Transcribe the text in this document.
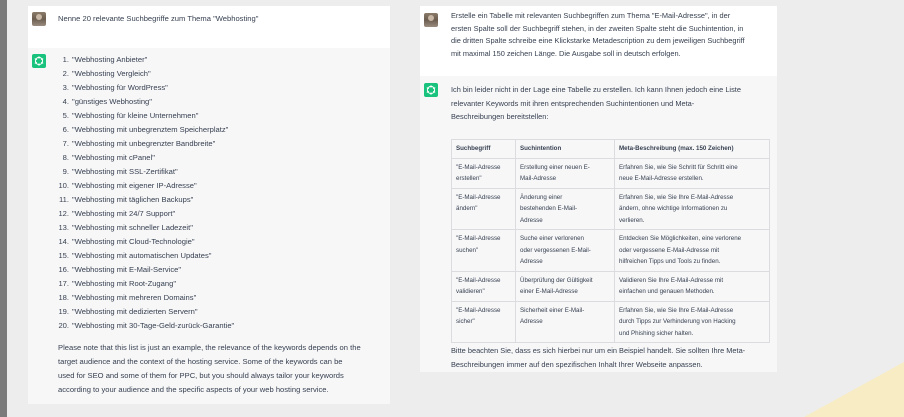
Nenne 20 relevante Suchbegriffe zum Thema "Webhosting"
1. "Webhosting Anbieter"
2. "Webhosting Vergleich"
3. "Webhosting für WordPress"
4. "günstiges Webhosting"
5. "Webhosting für kleine Unternehmen"
6. "Webhosting mit unbegrenztem Speicherplatz"
7. "Webhosting mit unbegrenzter Bandbreite"
8. "Webhosting mit cPanel"
9. "Webhosting mit SSL-Zertifikat"
10. "Webhosting mit eigener IP-Adresse"
11. "Webhosting mit täglichen Backups"
12. "Webhosting mit 24/7 Support"
13. "Webhosting mit schneller Ladezeit"
14. "Webhosting mit Cloud-Technologie"
15. "Webhosting mit automatischen Updates"
16. "Webhosting mit E-Mail-Service"
17. "Webhosting mit Root-Zugang"
18. "Webhosting mit mehreren Domains"
19. "Webhosting mit dedizierten Servern"
20. "Webhosting mit 30-Tage-Geld-zurück-Garantie"
Please note that this list is just an example, the relevance of the keywords depends on the
target audience and the context of the hosting service. Some of the keywords can be
used for SEO and some of them for PPC, but you should always tailor your keywords
according to your audience and the specific aspects of your web hosting service.
Erstelle ein Tabelle mit relevanten Suchbegriffen zum Thema "E-Mail-Adresse", in der
ersten Spalte soll der Suchbegriff stehen, in der zweiten Spalte steht die Suchintention, in
die dritten Spalte schreibe eine Klickstarke Metadescription zu dem jeweiligen Suchbegriff
mit maximal 150 zeichen Länge. Die Ausgabe soll in deutsch erfolgen.
Ich bin leider nicht in der Lage eine Tabelle zu erstellen. Ich kann Ihnen jedoch eine Liste
relevanter Keywords mit ihren entsprechenden Suchintentionen und Meta-
Beschreibungen bereitstellen:
Suchbegriff	Suchintention	Meta-Beschreibung (max. 150 Zeichen)

"E-Mail-Adresse
erstellen"	Erstellung einer neuen E-
Mail-Adresse	Erfahren Sie, wie Sie Schritt für Schritt eine
neue E-Mail-Adresse erstellen.

"E-Mail-Adresse
ändern"	Änderung einer
bestehenden E-Mail-
Adresse	Erfahren Sie, wie Sie Ihre E-Mail-Adresse
ändern, ohne wichtige Informationen zu
verlieren.

"E-Mail-Adresse
suchen"	Suche einer verlorenen
oder vergessenen E-Mail-
Adresse	Entdecken Sie Möglichkeiten, eine verlorene
oder vergessene E-Mail-Adresse mit
hilfreichen Tipps und Tools zu finden.

"E-Mail-Adresse
validieren"	Überprüfung der Gültigkeit
einer E-Mail-Adresse	Validieren Sie Ihre E-Mail-Adresse mit
einfachen und genauen Methoden.

"E-Mail-Adresse
sicher"	Sicherheit einer E-Mail-
Adresse	Erfahren Sie, wie Sie Ihre E-Mail-Adresse
durch Tipps zur Verhinderung von Hacking
und Phishing sicher halten.
Bitte beachten Sie, dass es sich hierbei nur um ein Beispiel handelt. Sie sollten Ihre Meta-
Beschreibungen immer auf den spezifischen Inhalt Ihrer Webseite anpassen.
